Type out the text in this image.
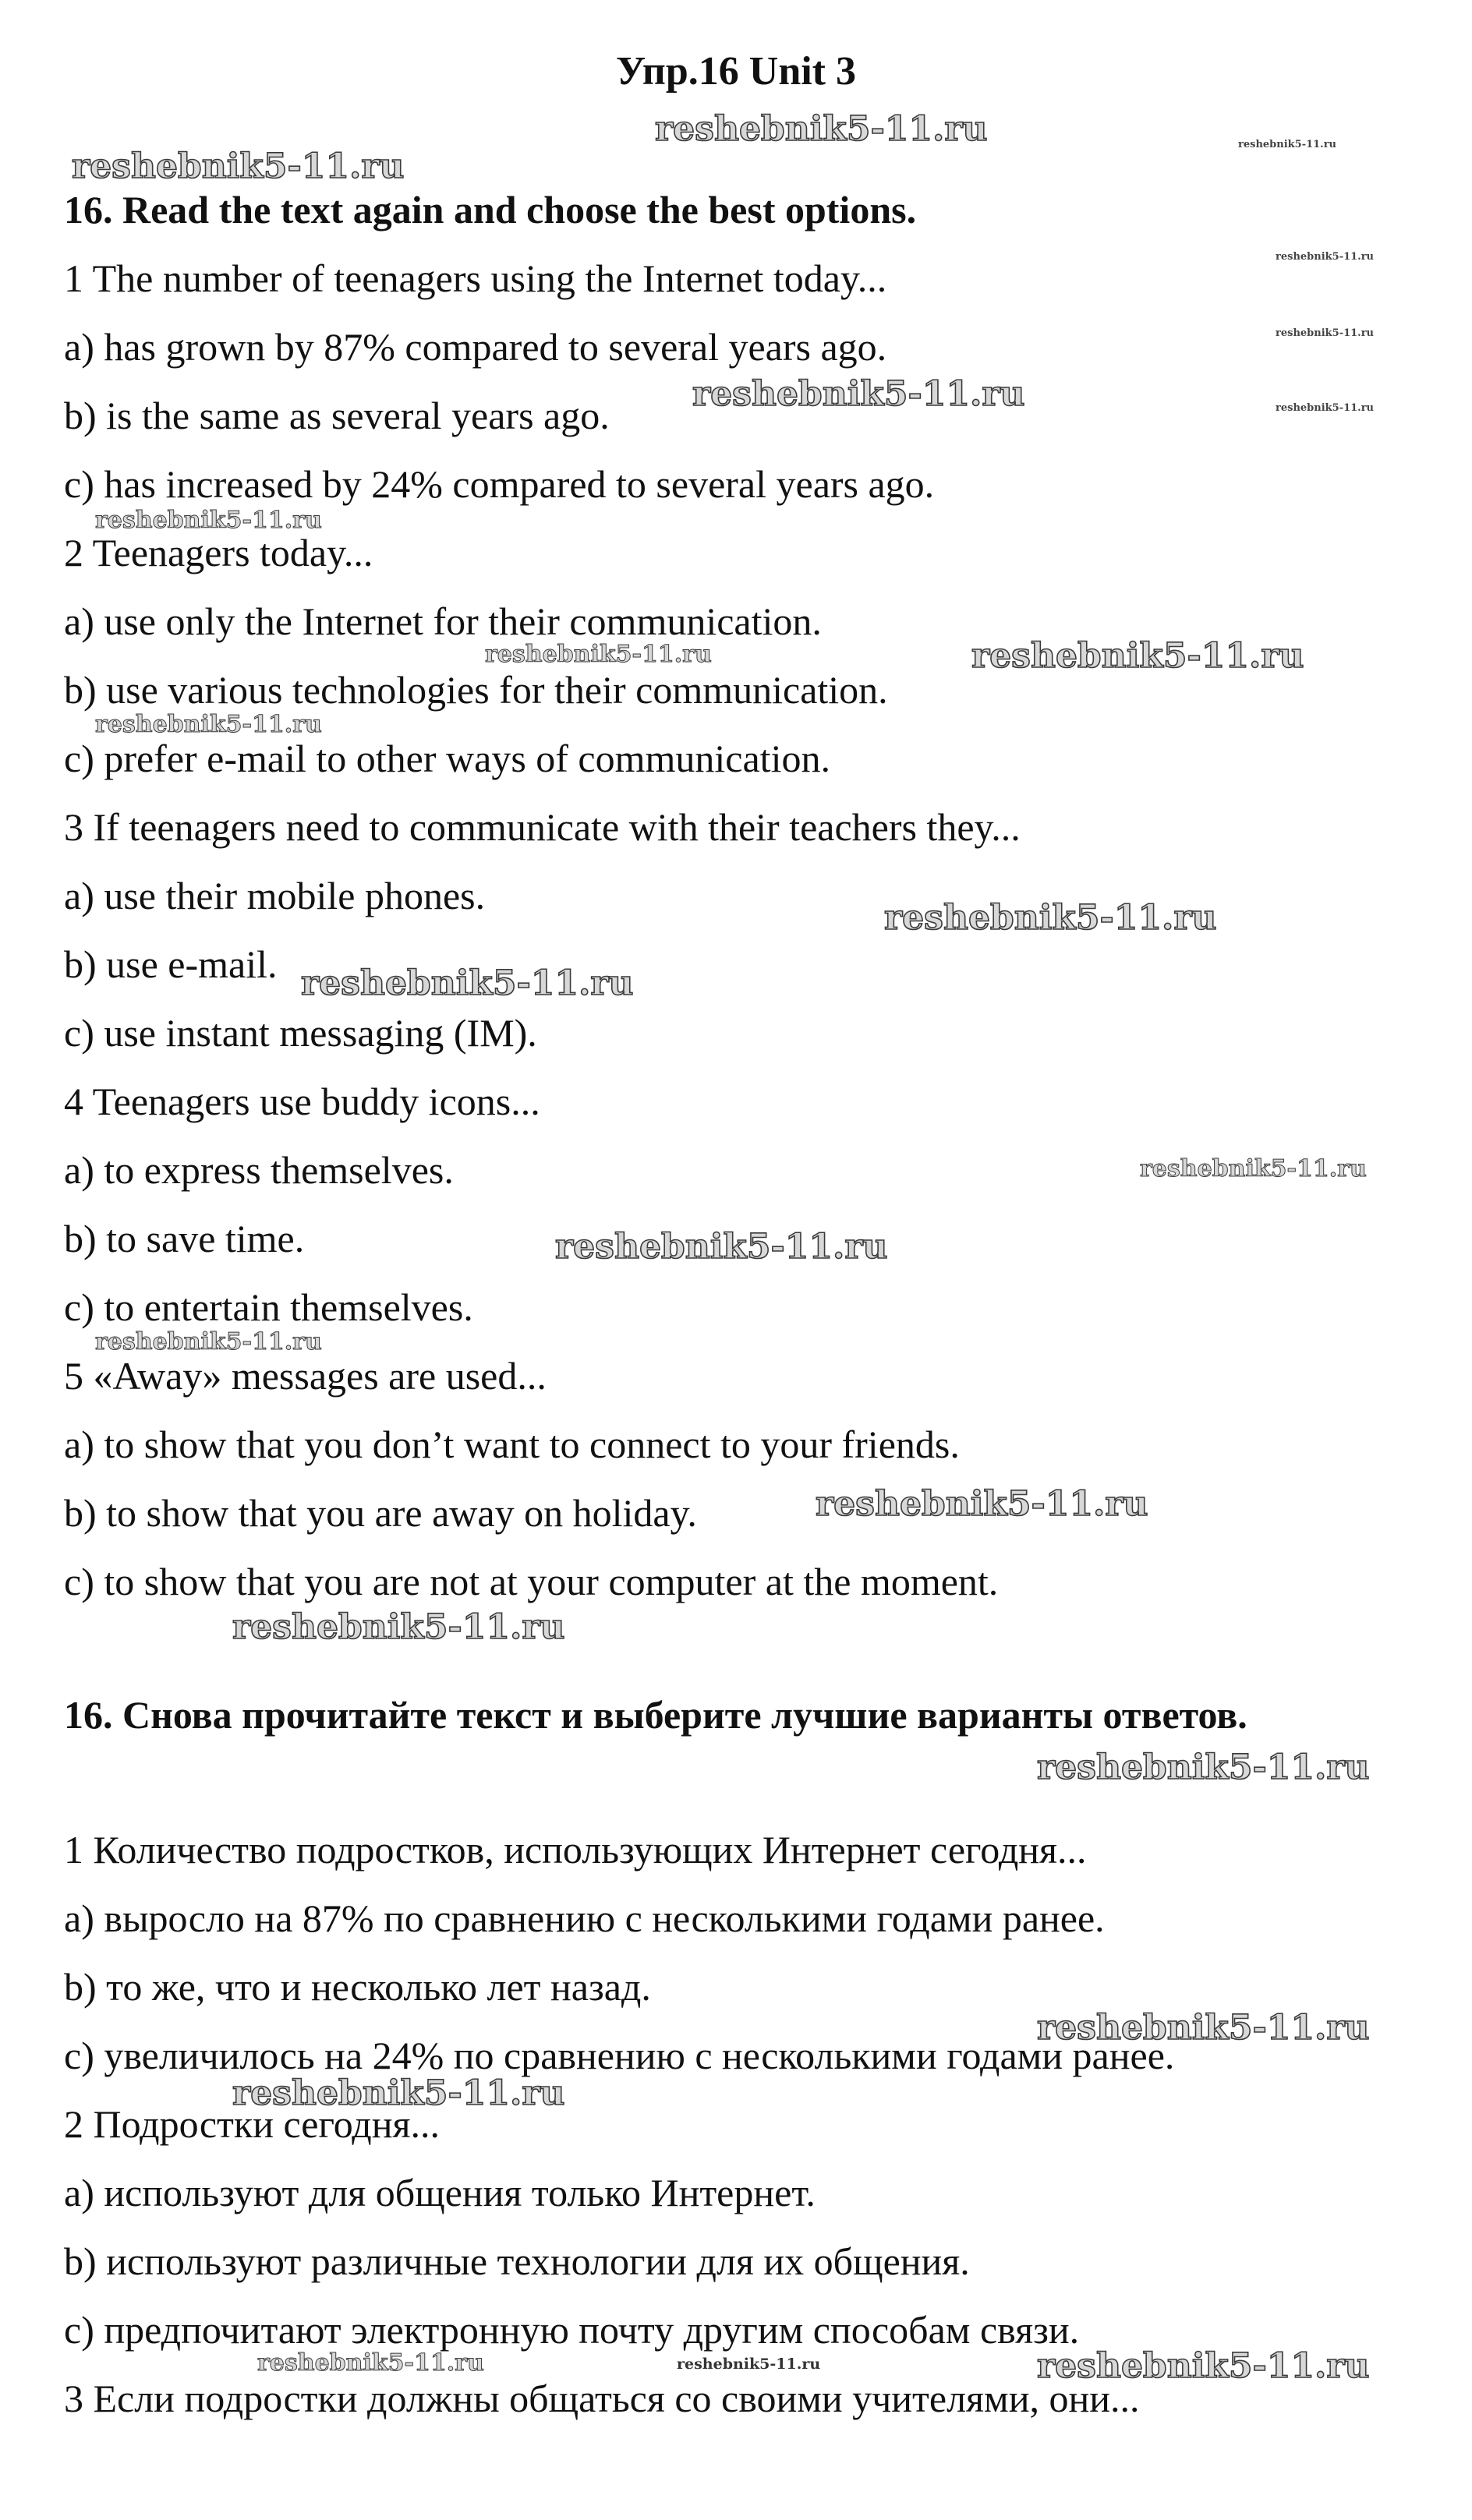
Упр.16 Unit 3
16. Read the text again and choose the best options.
1 The number of teenagers using the Internet today...
a) has grown by 87% compared to several years ago.
b) is the same as several years ago.
c) has increased by 24% compared to several years ago.
2 Teenagers today...
a) use only the Internet for their communication.
b) use various technologies for their communication.
c) prefer e-mail to other ways of communication.
3 If teenagers need to communicate with their teachers they...
a) use their mobile phones.
b) use e-mail.
c) use instant messaging (IM).
4 Teenagers use buddy icons...
a) to express themselves.
b) to save time.
c) to entertain themselves.
5 «Away» messages are used...
a) to show that you don’t want to connect to your friends.
b) to show that you are away on holiday.
c) to show that you are not at your computer at the moment.
16. Снова прочитайте текст и выберите лучшие варианты ответов.
1 Количество подростков, использующих Интернет сегодня...
а) выросло на 87% по сравнению с несколькими годами ранее.
b) то же, что и несколько лет назад.
c) увеличилось на 24% по сравнению с несколькими годами ранее.
2 Подростки сегодня...
а) используют для общения только Интернет.
b) используют различные технологии для их общения.
c) предпочитают электронную почту другим способам связи.
3 Если подростки должны общаться со своими учителями, они...
reshebnik5-11.ru
reshebnik5-11.ru
reshebnik5-11.ru
reshebnik5-11.ru
reshebnik5-11.ru
reshebnik5-11.ru
reshebnik5-11.ru
reshebnik5-11.ru
reshebnik5-11.ru	reshebnik5-11.ru
reshebnik5-11.ru
reshebnik5-11.ru
reshebnik5-11.ru
reshebnik5-11.ru
reshebnik5-11.ru
reshebnik5-11.ru
reshebnik5-11.ru
reshebnik5-11.ru
reshebnik5-11.ru
reshebnik5-11.ru
reshebnik5-11.ru
reshebnik5-11.ru	reshebnik5-11.ru	reshebnik5-11.ru
